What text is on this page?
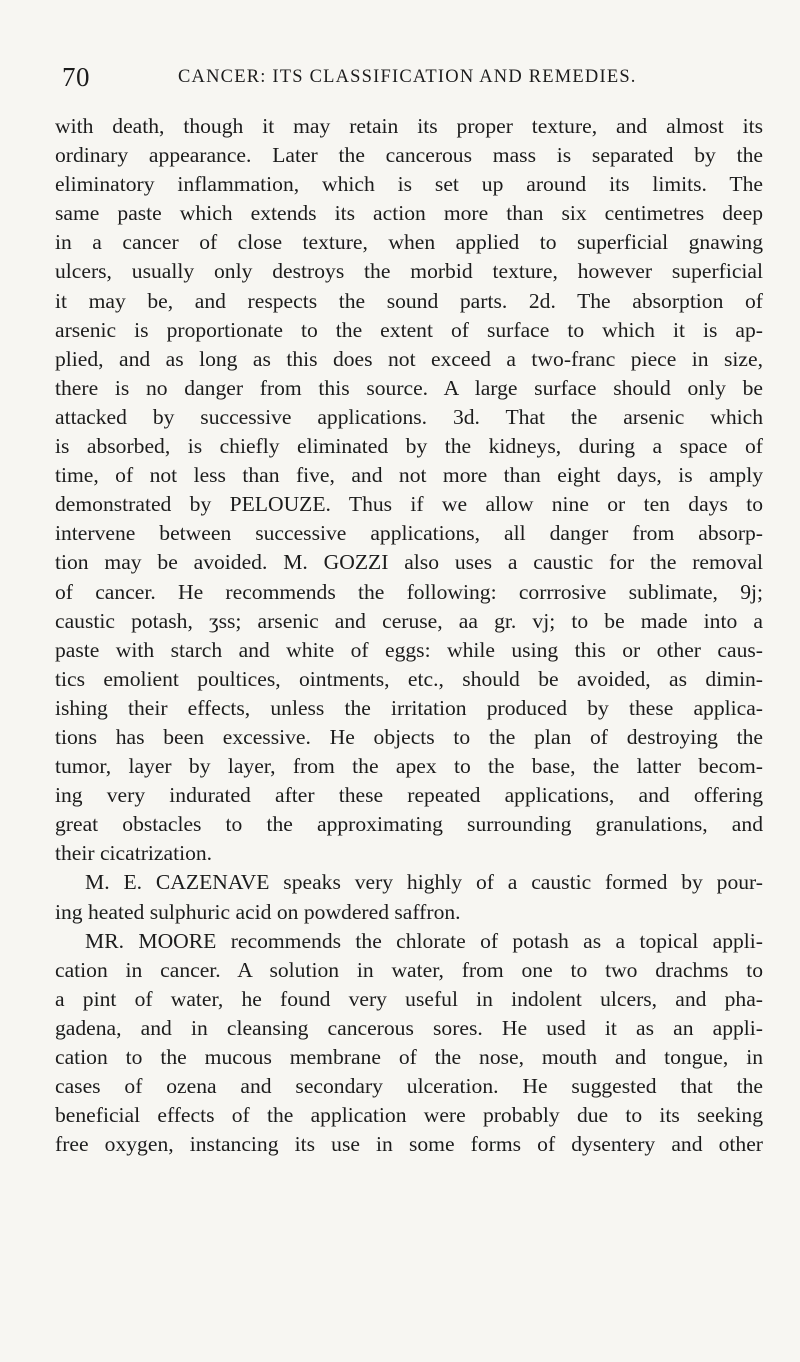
70	CANCER: ITS CLASSIFICATION AND REMEDIES.
with death, though it may retain its proper texture, and almost its
ordinary appearance. Later the cancerous mass is separated by the
eliminatory inflammation, which is set up around its limits. The
same paste which extends its action more than six centimetres deep
in a cancer of close texture, when applied to superficial gnawing
ulcers, usually only destroys the morbid texture, however superficial
it may be, and respects the sound parts. 2d. The absorption of
arsenic is proportionate to the extent of surface to which it is ap-
plied, and as long as this does not exceed a two-franc piece in size,
there is no danger from this source. A large surface should only be
attacked by successive applications. 3d. That the arsenic which
is absorbed, is chiefly eliminated by the kidneys, during a space of
time, of not less than five, and not more than eight days, is amply
demonstrated by PELOUZE. Thus if we allow nine or ten days to
intervene between successive applications, all danger from absorp-
tion may be avoided. M. GOZZI also uses a caustic for the removal
of cancer. He recommends the following: corrrosive sublimate, 9j;
caustic potash, ʒss; arsenic and ceruse, aa gr. vj; to be made into a
paste with starch and white of eggs: while using this or other caus-
tics emolient poultices, ointments, etc., should be avoided, as dimin-
ishing their effects, unless the irritation produced by these applica-
tions has been excessive. He objects to the plan of destroying the
tumor, layer by layer, from the apex to the base, the latter becom-
ing very indurated after these repeated applications, and offering
great obstacles to the approximating surrounding granulations, and
their cicatrization.
M. E. CAZENAVE speaks very highly of a caustic formed by pour-
ing heated sulphuric acid on powdered saffron.
MR. MOORE recommends the chlorate of potash as a topical appli-
cation in cancer. A solution in water, from one to two drachms to
a pint of water, he found very useful in indolent ulcers, and pha-
gadena, and in cleansing cancerous sores. He used it as an appli-
cation to the mucous membrane of the nose, mouth and tongue, in
cases of ozena and secondary ulceration. He suggested that the
beneficial effects of the application were probably due to its seeking
free oxygen, instancing its use in some forms of dysentery and other
